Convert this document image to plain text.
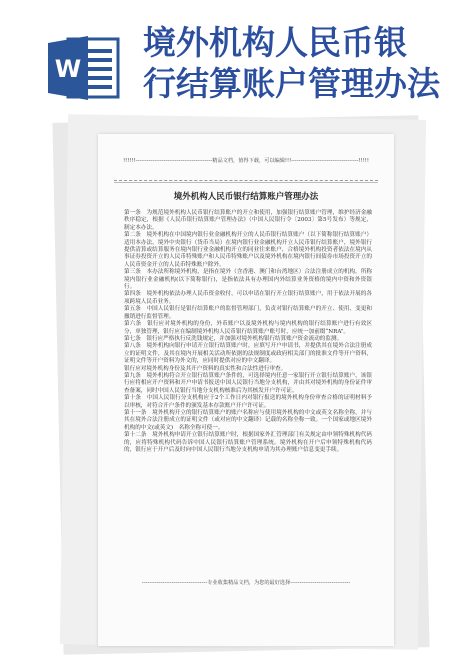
W
境外机构人民币银
行结算账户管理办法
!!!!!!-----------------------------------------精品文档，值得下载，可以编辑!!!------------------------------------!!!!!
境外机构人民币银行结算账户管理办法

第一条　为规范境外机构人民币银行结算账户的开立和使用，加强银行结算账户管理，维护经济金融秩序稳定，根据《人民币银行结算账户管理办法》（中国人民银行令〔2003〕第5号发布）等规定，制定本办法。

第二条　境外机构在中国境内银行业金融机构开立的人民币银行结算账户（以下简称银行结算账户）适用本办法。境外中央银行（货币当局）在境内银行业金融机构开立人民币银行结算账户，境外银行提供清算或结算服务在境内银行业金融机构开立的同业往来账户，合格境外机构投资者依法在境内从事证券投资开立的人民币特殊账户和人民币特殊账户以及境外机构在境内银行间债券市场投资开立的人民币资金开立的人民币特殊账户除外。

第三条　本办法所称境外机构，是指在境外（含香港、澳门和台湾地区）合法注册成立的机构。所称境内银行业金融机构(以下简称银行)，是指依法具有办理国内外结算业务资格的境内中资和外资银行。

第四条　境外机构依法办理人民币资金收付，可以申请在银行开立银行结算账户，用于依法开展的各项跨境人民币业务。

第五条　中国人民银行是银行结算账户的监督管理部门，负责对银行结算账户的开立、使用、变更和撤销进行监督管理。

第六条　银行应对境外机构的身份，外币账户以及境外机构与境内机构的银行结算账户进行有效区分，单独管理，银行应在编制境外机构人民币银行结算账户账号时，应统一加前缀“NRA”。

第七条　银行应严格执行反洗钱规定，并加强对境外机构银行结算账户资金流动的监测。

第八条　境外机构向银行申请开立银行结算账户时，应填写开户申请书，并提供其在境外合法注册成立的证明文件，及其在境内开展相关活动所依据的法规制度或政府相关部门的批准文件等开户资料，证明文件等开户资料为外文的，应同时提供对应的中文翻译。

银行应对境外机构身份及其开户资料的真实性和合法性进行审查。

第九条　境外机构符合开立银行结算账户条件的，可选择境内任意一家银行开立银行结算账户，该银行应将相应开户资料和开户申请书报送中国人民银行当地分支机构，并由其对境外机构的身份证件审查备案，同时中国人民银行当地分支机构核准后为其核发开户许可证。

第十条　中国人民银行分支机构应于2个工作日内对银行报送的境外机构身份审查合格的证明材料予以审核，对符合开户条件的颁发基本存款账户开户许可证。

第十一条　境外机构开立的银行结算账户的账户名称应与使用境外机构的中文或英文名称全称，并与其在境外合法注册成立的证明文件（或对应的中文翻译）记载的名称全称一致。一个国家或地区境外机构的中文(或英文)　名称全称可使一。

第十二条　境外机构申请开立银行结算账户时，根据国家外汇管理部门有关规定由申领特殊机构代码的，应将特殊机构代码告诉中国人民银行结算账户管理系统。境外机构在开户后申领特殊机构代码的，银行应于开户后及时向中国人民银行当地分支机构申请为其办理账户信息变更手续。

-----------------------------------专业收集精品文档，为您的最好选择--------------------------------
